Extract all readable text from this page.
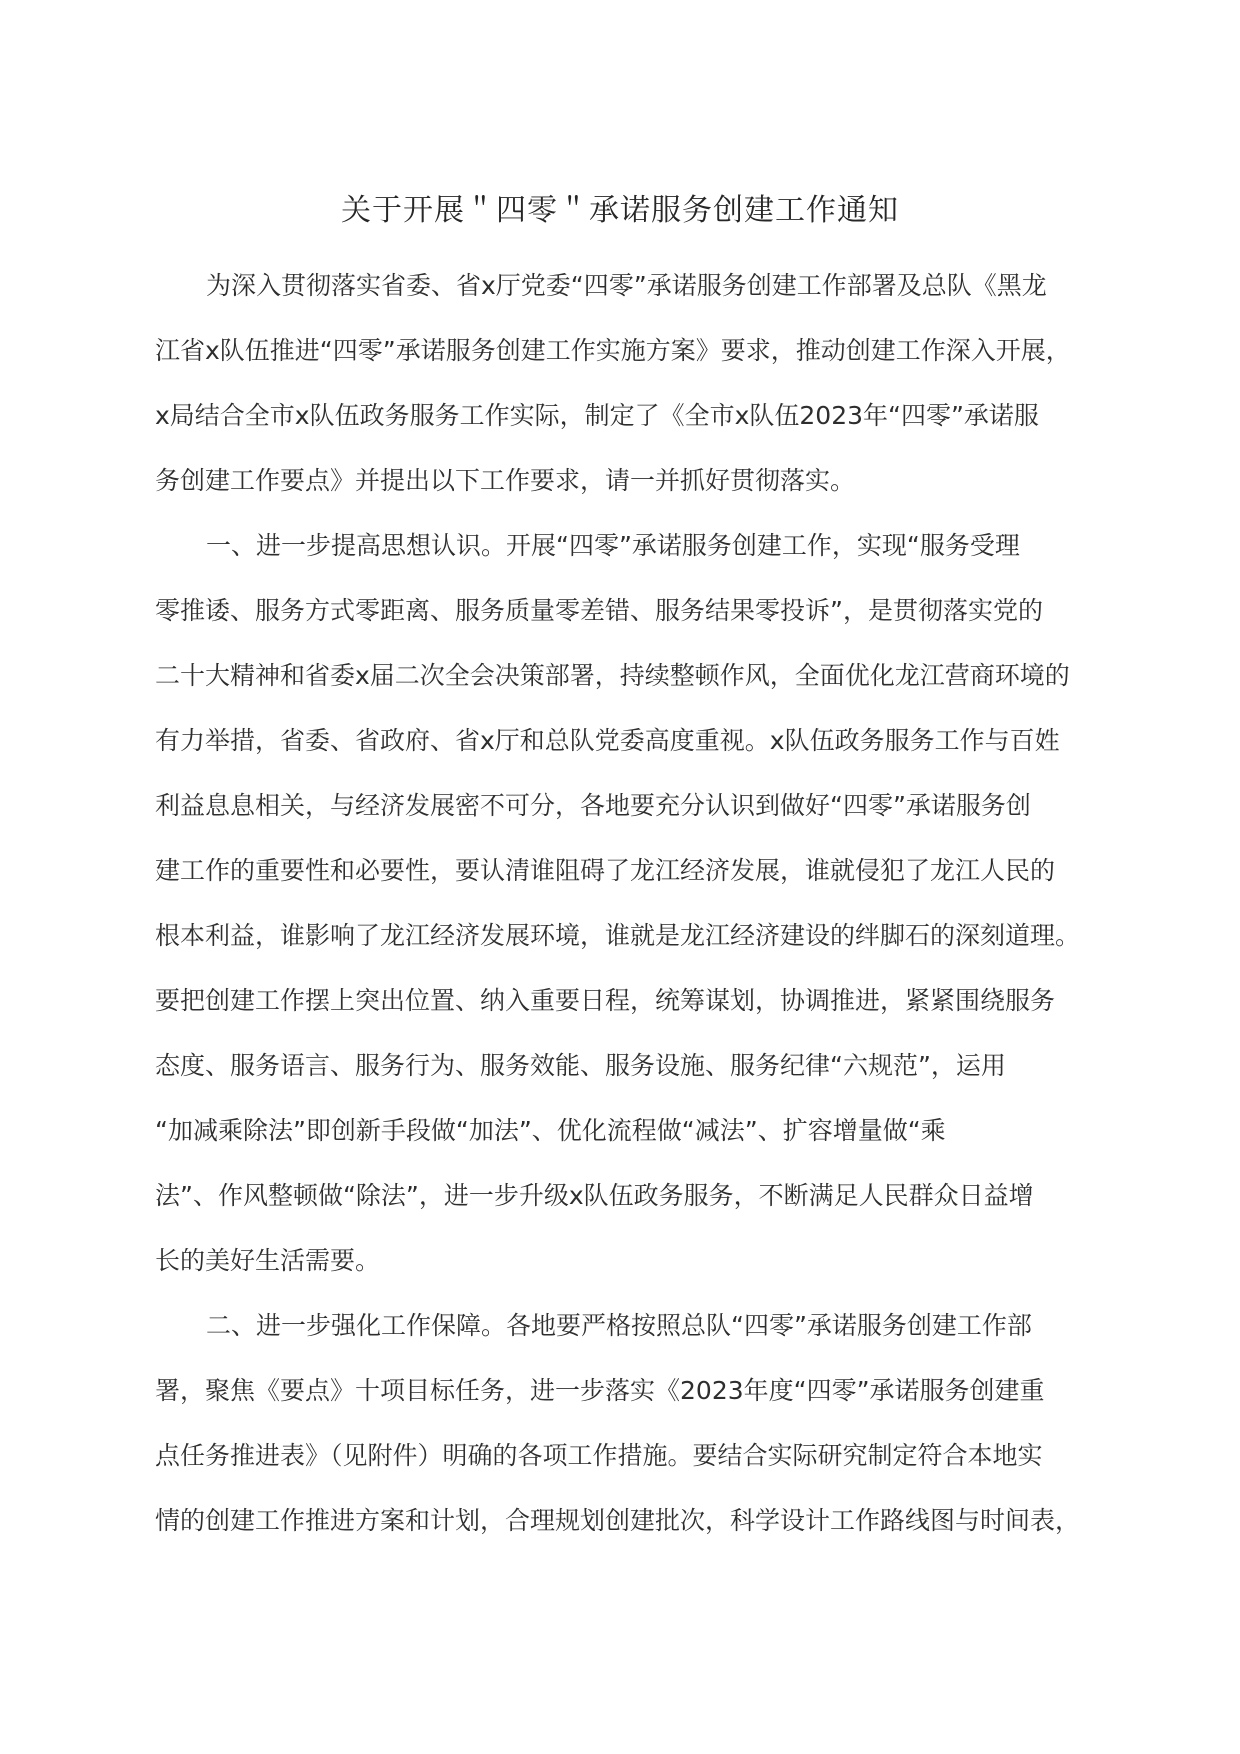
关于开展＂四零＂承诺服务创建工作通知
为深入贯彻落实省委、省x厅党委“四零”承诺服务创建工作部署及总队《黑龙
江省x队伍推进“四零”承诺服务创建工作实施方案》要求，推动创建工作深入开展，
x局结合全市x队伍政务服务工作实际，制定了《全市x队伍2023年“四零”承诺服
务创建工作要点》并提出以下工作要求，请一并抓好贯彻落实。
一、进一步提高思想认识。开展“四零”承诺服务创建工作，实现“服务受理
零推诿、服务方式零距离、服务质量零差错、服务结果零投诉”，是贯彻落实党的
二十大精神和省委x届二次全会决策部署，持续整顿作风，全面优化龙江营商环境的
有力举措，省委、省政府、省x厅和总队党委高度重视。x队伍政务服务工作与百姓
利益息息相关，与经济发展密不可分，各地要充分认识到做好“四零”承诺服务创
建工作的重要性和必要性，要认清谁阻碍了龙江经济发展，谁就侵犯了龙江人民的
根本利益，谁影响了龙江经济发展环境，谁就是龙江经济建设的绊脚石的深刻道理。
要把创建工作摆上突出位置、纳入重要日程，统筹谋划，协调推进，紧紧围绕服务
态度、服务语言、服务行为、服务效能、服务设施、服务纪律“六规范”，运用
“加减乘除法”即创新手段做“加法”、优化流程做“减法”、扩容增量做“乘
法”、作风整顿做“除法”，进一步升级x队伍政务服务，不断满足人民群众日益增
长的美好生活需要。
二、进一步强化工作保障。各地要严格按照总队“四零”承诺服务创建工作部
署，聚焦《要点》十项目标任务，进一步落实《2023年度“四零”承诺服务创建重
点任务推进表》（见附件）明确的各项工作措施。要结合实际研究制定符合本地实
情的创建工作推进方案和计划，合理规划创建批次，科学设计工作路线图与时间表，
